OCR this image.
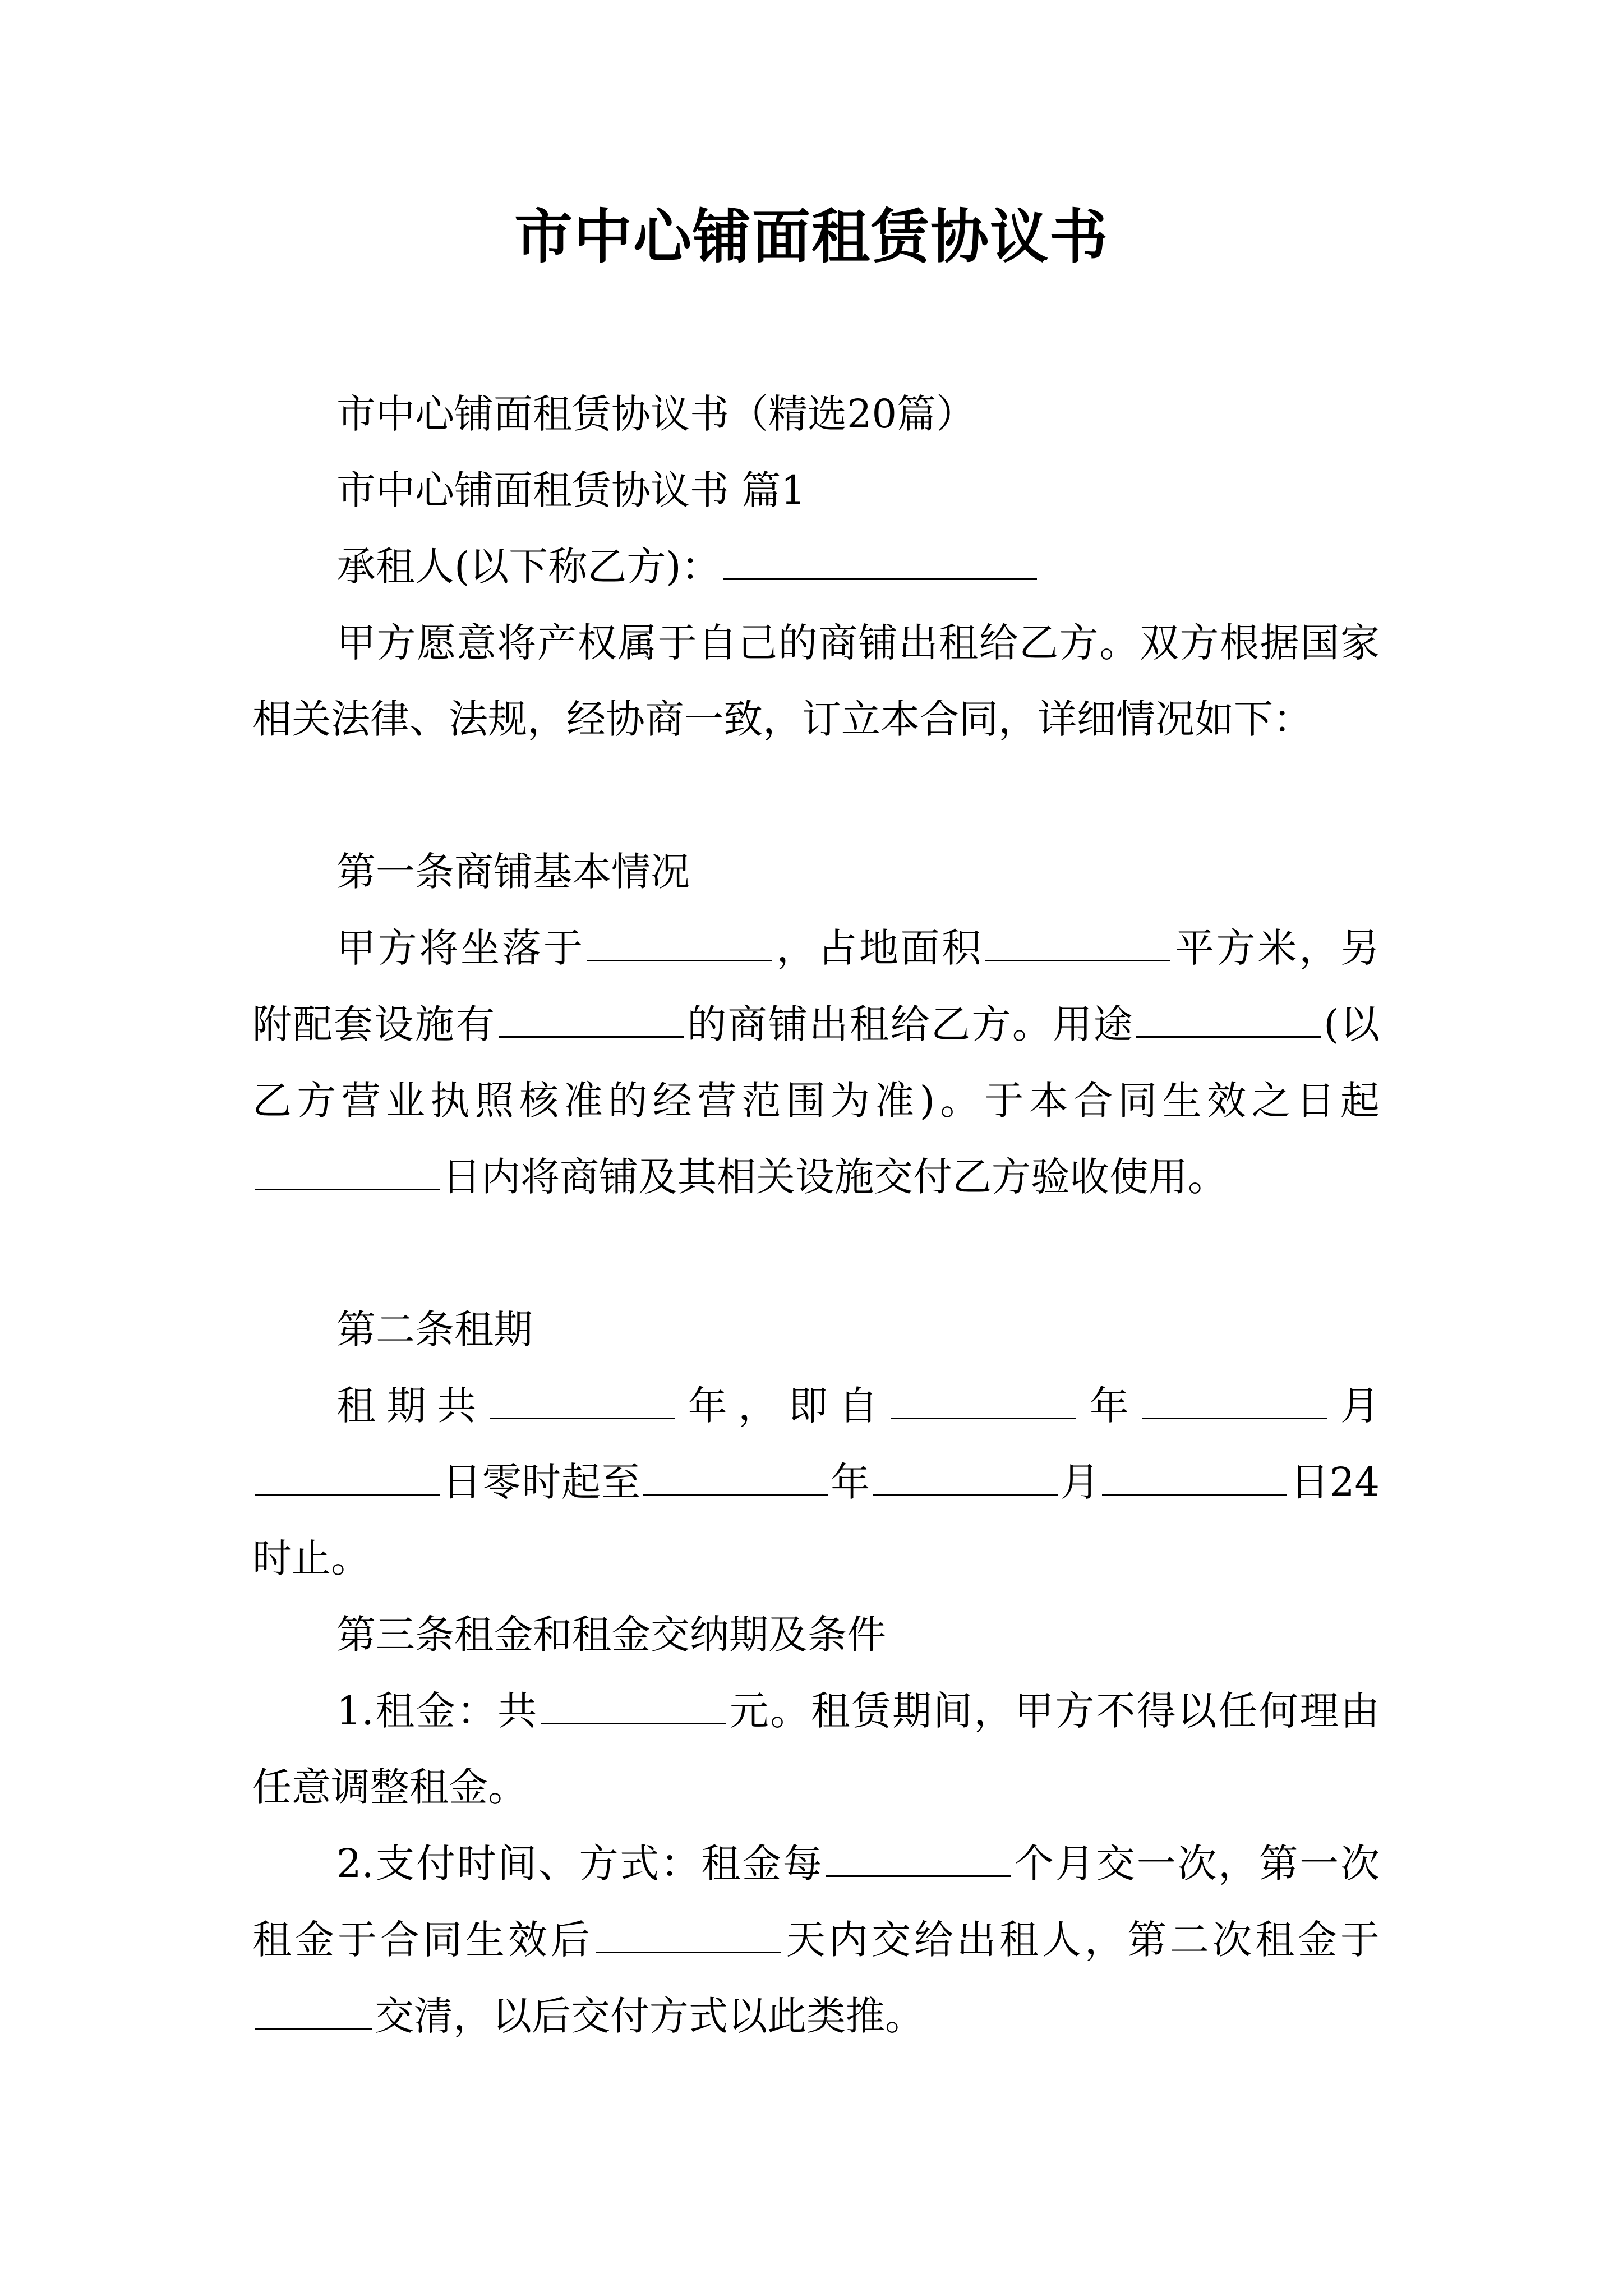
市中心铺面租赁协议书

市中心铺面租赁协议书（精选20篇）

市中心铺面租赁协议书 篇1

承租人(以下称乙方)：

甲方愿意将产权属于自己的商铺出租给乙方。双方根据国家相关法律、法规，经协商一致，订立本合同，详细情况如下：

第一条商铺基本情况

甲方将坐落于	，占地面积	平方米，另附配套设施有	的商铺出租给乙方。用途	(以乙方营业执照核准的经营范围为准)。于本合同生效之日起日内将商铺及其相关设施交付乙方验收使用。

第二条租期

租期共	年，即自	年	月日零时起至	年	月	日24时止。

第三条租金和租金交纳期及条件

1.租金：共	元。租赁期间，甲方不得以任何理由任意调整租金。

2.支付时间、方式：租金每	个月交一次，第一次租金于合同生效后	天内交给出租人，第二次租金于交清，以后交付方式以此类推。
